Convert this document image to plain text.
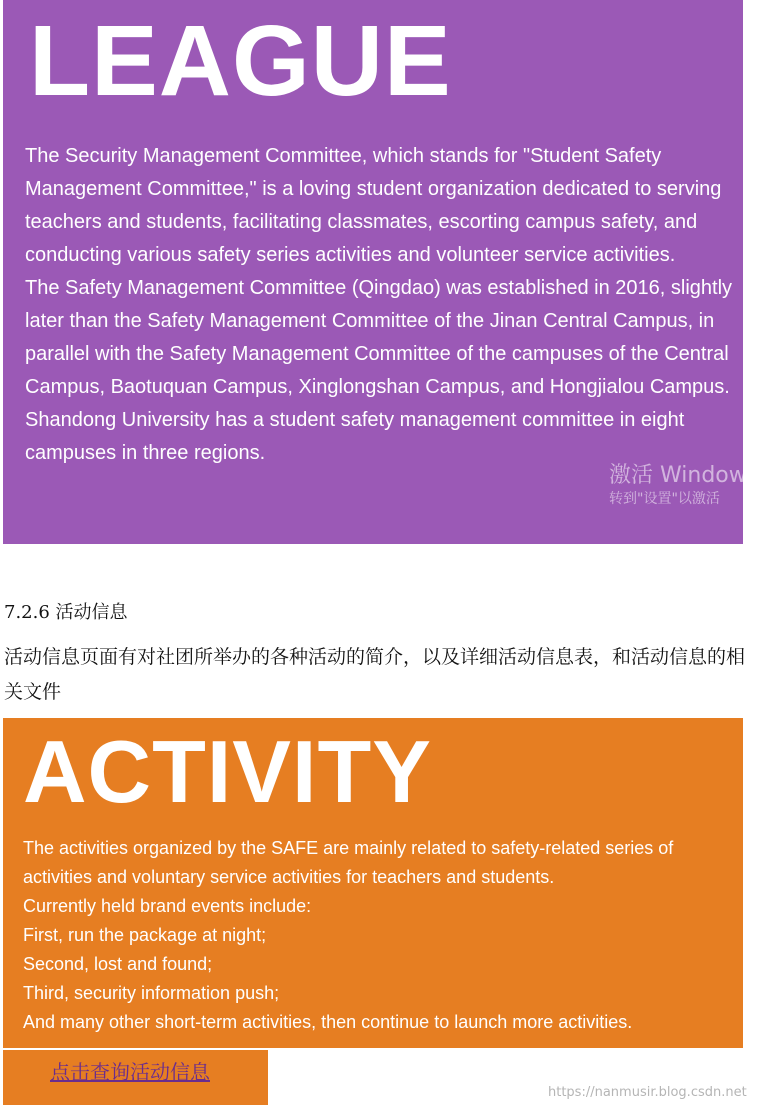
LEAGUE

The Security Management Committee, which stands for "Student Safety Management Committee," is a loving student organization dedicated to serving teachers and students, facilitating classmates, escorting campus safety, and conducting various safety series activities and volunteer service activities.

The Safety Management Committee (Qingdao) was established in 2016, slightly later than the Safety Management Committee of the Jinan Central Campus, in parallel with the Safety Management Committee of the campuses of the Central Campus, Baotuquan Campus, Xinglongshan Campus, and Hongjialou Campus.

Shandong University has a student safety management committee in eight campuses in three regions.

激活 Windows
转到"设置"以激活
7.2.6 活动信息

活动信息页面有对社团所举办的各种活动的简介，以及详细活动信息表，和活动信息的相关文件

ACTIVITY

The activities organized by the SAFE are mainly related to safety-related series of activities and voluntary service activities for teachers and students.

Currently held brand events include:

First, run the package at night;

Second, lost and found;

Third, security information push;

And many other short-term activities, then continue to launch more activities.

点击查询活动信息
https://nanmusir.blog.csdn.net
